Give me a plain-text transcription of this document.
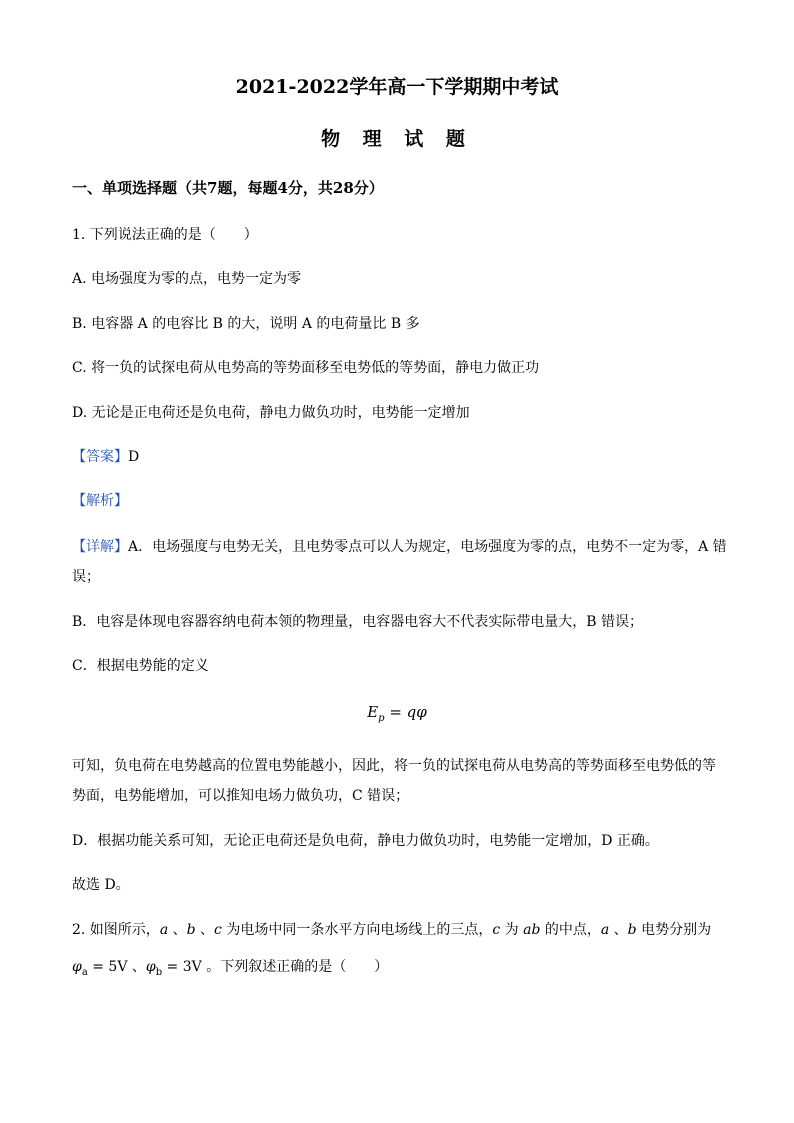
2021-2022学年高一下学期期中考试
物 理 试 题
一、单项选择题（共7题，每题4分，共28分）
1. 下列说法正确的是（　　）
A. 电场强度为零的点，电势一定为零
B. 电容器 A 的电容比 B 的大，说明 A 的电荷量比 B 多
C. 将一负的试探电荷从电势高的等势面移至电势低的等势面，静电力做正功
D. 无论是正电荷还是负电荷，静电力做负功时，电势能一定增加
【答案】D
【解析】
【详解】A．电场强度与电势无关，且电势零点可以人为规定，电场强度为零的点，电势不一定为零，A 错
误；
B．电容是体现电容器容纳电荷本领的物理量，电容器电容大不代表实际带电量大，B 错误；
C．根据电势能的定义
$E_p = q\varphi$
可知，负电荷在电势越高的位置电势能越小，因此，将一负的试探电荷从电势高的等势面移至电势低的等
势面，电势能增加，可以推知电场力做负功，C 错误；
D．根据功能关系可知，无论正电荷还是负电荷，静电力做负功时，电势能一定增加，D 正确。
故选 D。
2. 如图所示，a 、b 、c 为电场中同一条水平方向电场线上的三点，c 为 ab 的中点，a 、b 电势分别为
$\varphi_a = 5V$ 、$\varphi_b = 3V$ 。下列叙述正确的是（　　）
